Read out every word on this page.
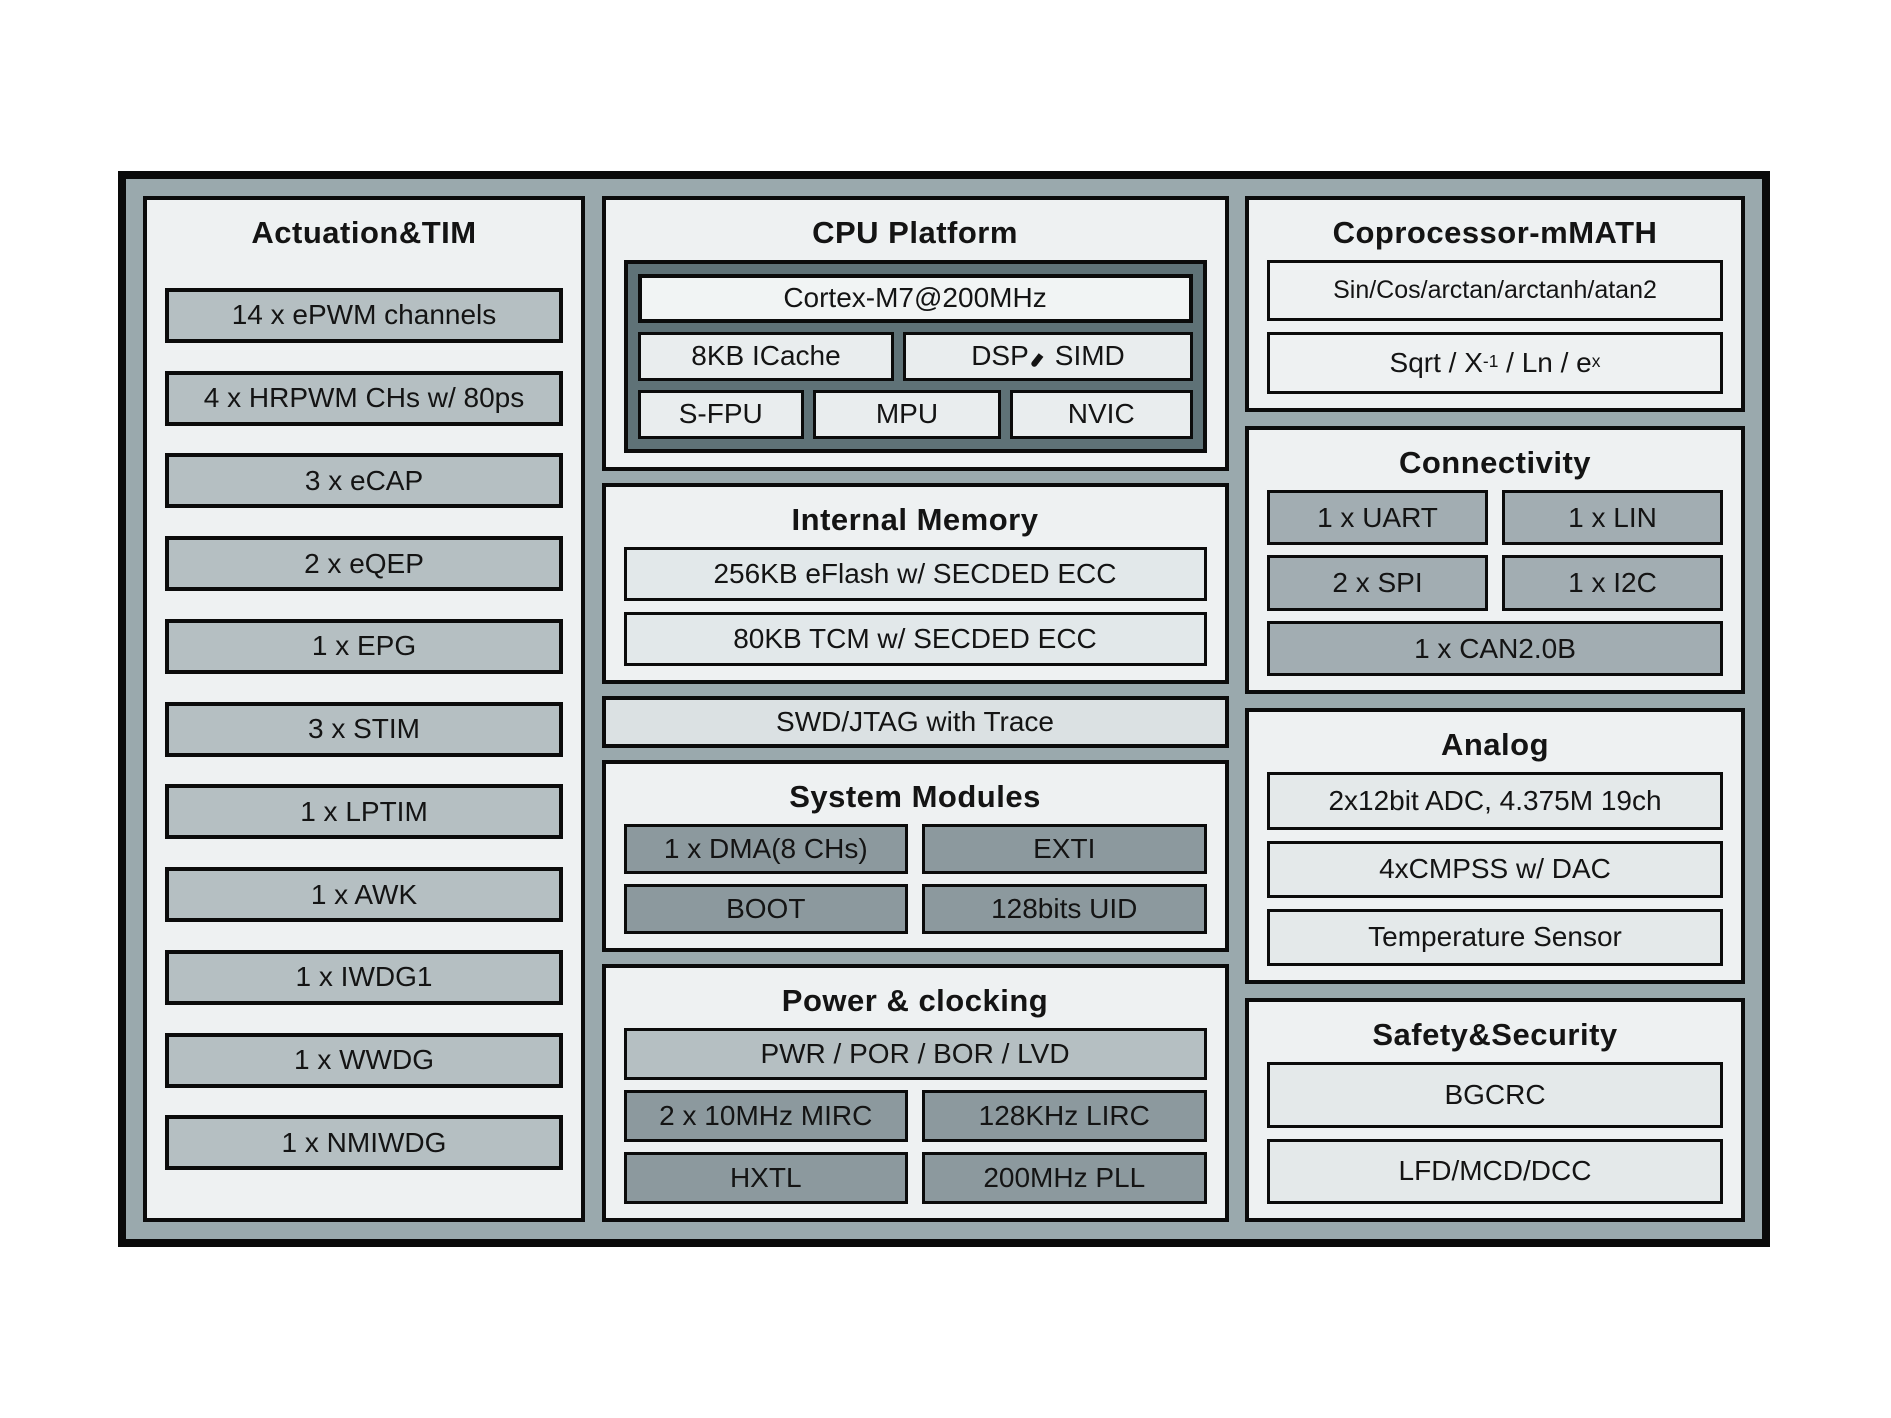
Actuation&TIM
14 x ePWM channels
4 x HRPWM CHs w/ 80ps
3 x eCAP
2 x eQEP
1 x EPG
3 x STIM
1 x LPTIM
1 x AWK
1 x IWDG1
1 x WWDG
1 x NMIWDG
CPU Platform
Cortex-M7@200MHz
8KB ICache	DSP SIMD
S-FPU	MPU	NVIC
Internal Memory
256KB eFlash w/ SECDED ECC
80KB TCM w/ SECDED ECC
SWD/JTAG with Trace
System Modules
1 x DMA(8 CHs)	EXTI
BOOT	128bits UID
Power & clocking
PWR / POR / BOR / LVD
2 x 10MHz MIRC	128KHz LIRC
HXTL	200MHz PLL
Coprocessor-mMATH
Sin/Cos/arctan/arctanh/atan2
Sqrt / $X^{-1}$ / Ln / $e^x$
Connectivity
1 x UART	1 x LIN
2 x SPI	1 x I2C
1 x CAN2.0B
Analog
2x12bit ADC, 4.375M 19ch
4xCMPSS w/ DAC
Temperature Sensor
Safety&Security
BGCRC
LFD/MCD/DCC
